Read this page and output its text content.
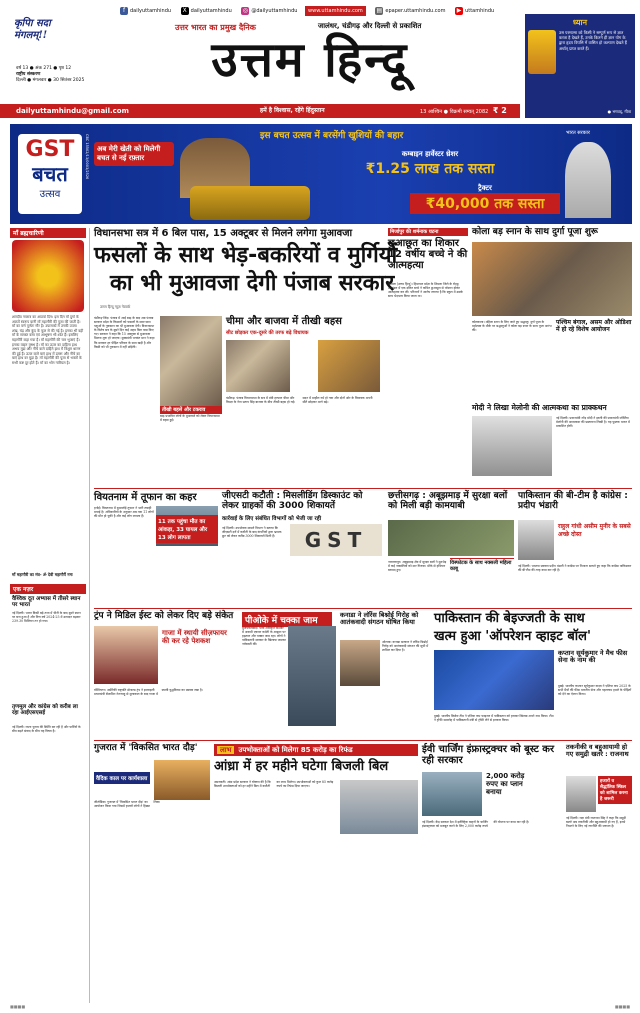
f dailyuttamhindu X dailyuttamhindu ◎ @dailyuttamhindu www.uttamhindu.com ▤ epaper.uttamhindu.com ▶ uttamhindu
कृपाि सदा मंगलम्!!
वर्ष 13 ● अंक 271 ● पृष्ठ 12
राष्ट्रीय संस्करण
दिल्ली ● मंगलवार ● 30 सितंबर 2025
उत्तर भारत का प्रमुख दैनिक	जालंधर, चंडीगढ़ और दिल्ली से प्रकाशित
उत्तम हिन्दू
dailyuttamhindu@gmail.com	हमें है विश्वास, रहेंगे हिंदुस्तान	13 आश्विन ● विक्रमी सम्वत् 2082 ₹ 2
ध्यान
उस परमात्मा को किसी ने सम्पूर्ण रूप से ज्ञात करता है देखते हैं, उनके कितने ही ज्ञान योग के द्वारा हृदय विपत्ति में वासित हो कल्याण देखते हैं अर्थात् प्राप्त करते हैं।
● भगवद्, गीता
GST
बचत
उत्सव
CBC 15502/13/0003/2526	अब मेरी खेती को मिलेगी बचत से नई रफ़्तार
इस बचत उत्सव में बरसेंगी खुशियों की बहार
कम्बाइन हार्वेस्टर थ्रेशर
₹1.25 लाख तक सस्ता
ट्रैक्टर
₹40,000 तक सस्ता
भारत सरकार
माँ ब्रह्मचारिणी
शारदीय नवरात्र का आठवां दिन। इस दिन माँ दुर्गा के आठवें स्वरूप यानी माँ महागौरी की पूजा की जाती है। माँ का वर्ण पूर्णतः गौर है। उपासकों में उनकी उपमा शंख, चंद्र और कुंद के फूल से की गई है। इनका भी वही माँ के समस्त वस्त्र एवं आभूषण भी श्वेत हैं। इसलिए महागौरी कहा गया है। माँ महागौरी की चार भुजाएं हैं। इनका वाहन वृषभ है। माँ का ऊपर का दाहिना हाथ अभय मुद्रा और नीचे वाले दाहिने हाथ में त्रिशूल धारण की हुई हैं। ऊपर वाले बाएं हाथ में डमरू और नीचे का बाएं हाथ वर मुद्रा है। माँ महागौरी की पूजा से भक्तों के सभी कष्ट दूर होते हैं। माँ का भोग नारियल है।
माँ महागौरी का मंत्र- ॐ देवी महागौर्यै नमः
एक नज़र
वैश्विक दूत अभ्यास में तीसरे स्थान पर भारत
नई दिल्ली। भारत किसी बड़े तथ्य में चीनी के बाद दूसरे स्थान पर बना हुआ है और वित्त वर्ष 2024-25 में उत्पादन बढ़कर 239.30 मिलियन टन हो गया।
तृणमूल और कांग्रेस को करीब ला रहा आईएसएसई
नई दिल्ली। राज्य चुनाव की स्थिति बन रही है और पार्टियों के बीच बढ़ते संवाद के बीच यह विषय है।
विधानसभा सत्र में 6 बिल पास, 15 अक्टूबर से मिलने लगेगा मुआवजा
फसलों के साथ भेड़-बकरियों व मुर्गियों
का भी मुआवजा देगी पंजाब सरकार
उत्तम हिन्दू न्यूज़ नेटवर्क
चंडीगढ़-जिंद। पंजाब में आई बाढ़ के बाद अब पंजाब सरकार प्रदेश के किसानों को फसलों के साथ-साथ पशुओं के नुकसान का भी मुआवजा देगी। विधानसभा के विशेष सत्र के दूसरे दिन कई अहम बिल पास किए गए। सरकार ने कहा कि 15 अक्टूबर से मुआवजा मिलना शुरू हो जाएगा। मुख्यमंत्री भगवंत मान ने कहा कि सरकार हर पीड़ित परिवार के साथ खड़ी है और किसी को भी नुकसान में नहीं छोड़ेगी।
तीखी बहसें और टकराव
बाढ़ प्रभावित लोगों के मुआवजे को लेकर विधानसभा में बहस हुई।
चीमा और बाजवा में तीखी बहस
सीट छोड़कर एक-दूसरे की तरफ बढ़े विधायक
चंडीगढ़। पंजाब विधानसभा के सत्र में मंत्री हरपाल चीमा और विपक्ष के नेता प्रताप सिंह बाजवा के बीच तीखी बहस हो गई। सदन में माहौल गर्म हो गया और दोनों ओर के विधायक अपनी सीटें छोड़कर आगे बढ़े।
मिर्जापुर की शर्मनाक घटना
छुआछूत का शिकार 12 वर्षीय बच्चे ने की आत्महत्या
शिमला (उत्तम हिन्दू)। हिमाचल प्रदेश के शिमला जिले के रोहड़ू उपमंडल में एक दलित बच्चे ने कथित छुआछूत से परेशान होकर आत्महत्या कर ली। परिजनों ने आरोप लगाया है कि स्कूल में उसके साथ भेदभाव किया जाता था।
कोला बड़ स्नान के साथ दुर्गा पूजा शुरू
कोलकाता। महिला स्नान के लिए जाते हुए श्रद्धालु। दुर्गा पूजा के महोत्सव के मौके पर श्रद्धालुओं ने कोला बड़ स्नान के साथ पूजा आरंभ की।
पश्चिम बंगाल, असम और ओडिशा में हो रहे विशेष आयोजन
मोदी ने लिखा मेलोनी की आत्मकथा का प्राक्कथन
नई दिल्ली। प्रधानमंत्री नरेंद्र मोदी ने इटली की प्रधानमंत्री जॉर्जिया मेलोनी की आत्मकथा की प्रस्तावना लिखी है। यह पुस्तक भारत में प्रकाशित होगी।
वियतनाम में तूफान का कहर
हनोई। वियतनाम में बुआलोई तूफान ने भारी तबाही मचाई है। अधिकारियों के अनुसार अब तक 11 लोगों की मौत हो चुकी है और कई लोग लापता हैं।
11 तक पहुंचा मौत का आंकड़ा, 33 घायल और 13 लोग लापता
जीएसटी कटौती : मिसलीडिंग डिस्काउंट को लेकर ग्राहकों की 3000 शिकायतें
कार्रवाई के लिए संबंधित विभागों को भेजी जा रही
GST
नई दिल्ली। उपभोक्ता मामले विभाग ने बताया कि जीएसटी दरों में कटौती के बाद कंपनियों द्वारा भ्रामक छूट को लेकर करीब 3000 शिकायतें मिली हैं।
छत्तीसगढ़ : अबूझमाड़ में सुरक्षा बलों को मिली बड़ी कामयाबी
नारायणपुर। अबूझमाड़ क्षेत्र में सुरक्षा बलों ने मुठभेड़ में कई नक्सलियों को मार गिराया। मौके से हथियार बरामद हुए।
विस्फोटक के साथ नक्सली महिला काबू
पाकिस्तान की बी-टीम है कांग्रेस : प्रदीप भंडारी
राहुल गांधी असीम मुनीर के सबसे अच्छे दोस्त
नई दिल्ली। भाजपा प्रवक्ता प्रदीप भंडारी ने कांग्रेस पर निशाना साधते हुए कहा कि कांग्रेस पाकिस्तान की बी-टीम की तरह काम कर रही है।
ट्रंप ने मिडिल ईस्ट को लेकर दिए बड़े संकेत
गाजा में स्थायी सीज़फायर की कर रहे पेशकश
वॉशिंगटन। अमेरिकी राष्ट्रपति डोनाल्ड ट्रंप ने इजराइली प्रधानमंत्री बेंजामिन नेतन्याहू से मुलाकात के बाद गाजा में स्थायी युद्धविराम का प्रस्ताव रखा है।
पीओके में चक्का जाम
मुजफ्फराबाद। पाक अधिकृत कश्मीर में अवामी एक्शन कमेटी के आह्वान पर हड़ताल और चक्का जाम रहा। लोगों ने पाकिस्तानी सरकार के खिलाफ जमकर नारेबाजी की।
कनाडा ने लॉरेंस बिश्नोई गिरोह को आतंकवादी संगठन घोषित किया
ओटावा। कनाडा सरकार ने लॉरेंस बिश्नोई गिरोह को आतंकवादी संगठन की सूची में शामिल कर दिया है।
पाकिस्तान की बेइज्जती के साथ
खत्म हुआ 'ऑपरेशन व्हाइट बॉल'
दुबई। भारतीय क्रिकेट टीम ने एशिया कप फाइनल में पाकिस्तान को हराकर खिताब अपने नाम किया। टीम ने ट्रॉफी समारोह में पाकिस्तानी मंत्री से ट्रॉफी लेने से इनकार किया।
कप्तान सूर्यकुमार ने मैच फीस सेना के नाम की
दुबई। भारतीय कप्तान सूर्यकुमार यादव ने एशिया कप 2025 के सभी मैचों की फीस भारतीय सेना और पहलगाम हमले के पीड़ितों को देने का ऐलान किया।
गुजरात में 'विकसित भारत दौड़'
वैदिक काल पर कार्यशाला
जीतोडिया। गुजरात में 'विकसित भारत दौड़' का आयोजन किया गया जिसमें हजारों लोगों ने हिस्सा लिया।
लाभ उपभोक्ताओं को मिलेगा 85 करोड़ का रिफंड
आंध्रा में हर महीने घटेगा बिजली बिल
अमरावती। आंध्र प्रदेश सरकार ने घोषणा की है कि बिजली उपभोक्ताओं को हर महीने बिल में कटौती का लाभ मिलेगा। उपभोक्ताओं को कुल 85 करोड़ रुपये का रिफंड दिया जाएगा।
ईवी चार्जिंग इंफ्रास्ट्रक्चर को बूस्ट कर रही सरकार
2,000 करोड़ रुपए का प्लान बनाया
नई दिल्ली। केंद्र सरकार देश में इलेक्ट्रिक वाहनों के चार्जिंग इंफ्रास्ट्रक्चर को मजबूत करने के लिए 2,000 करोड़ रुपये की योजना पर काम कर रही है।
तकनीकी व बहुआयामी हो गए समुद्री खतरे : राजनाथ
हजारों व सैद्धांतिक स्किल को शामिल करना है जरूरी
नई दिल्ली। रक्षा मंत्री राजनाथ सिंह ने कहा कि समुद्री खतरे अब तकनीकी और बहुआयामी हो गए हैं, इनसे निपटने के लिए नई रणनीति की जरूरत है।
■■■■	■■■■
